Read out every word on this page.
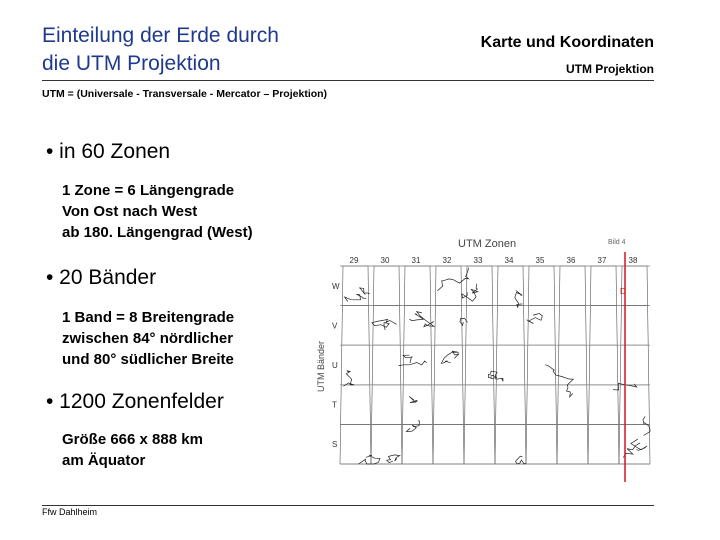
Einteilung der Erde durch
die UTM Projektion
Karte und Koordinaten
UTM Projektion
UTM = (Universale - Transversale - Mercator – Projektion)
• in 60 Zonen
1 Zone = 6 Längengrade
Von Ost nach West
ab 180. Längengrad (West)
• 20 Bänder
1 Band = 8 Breitengrade
zwischen 84° nördlicher
und 80° südlicher Breite
• 1200 Zonenfelder
Größe 666 x 888 km
am Äquator
UTM Zonen	Bild 4
UTM Bänder
29	30	31	32	33	34	35	36	37	38
W
V
U
T
S
D
Ffw Dahlheim
